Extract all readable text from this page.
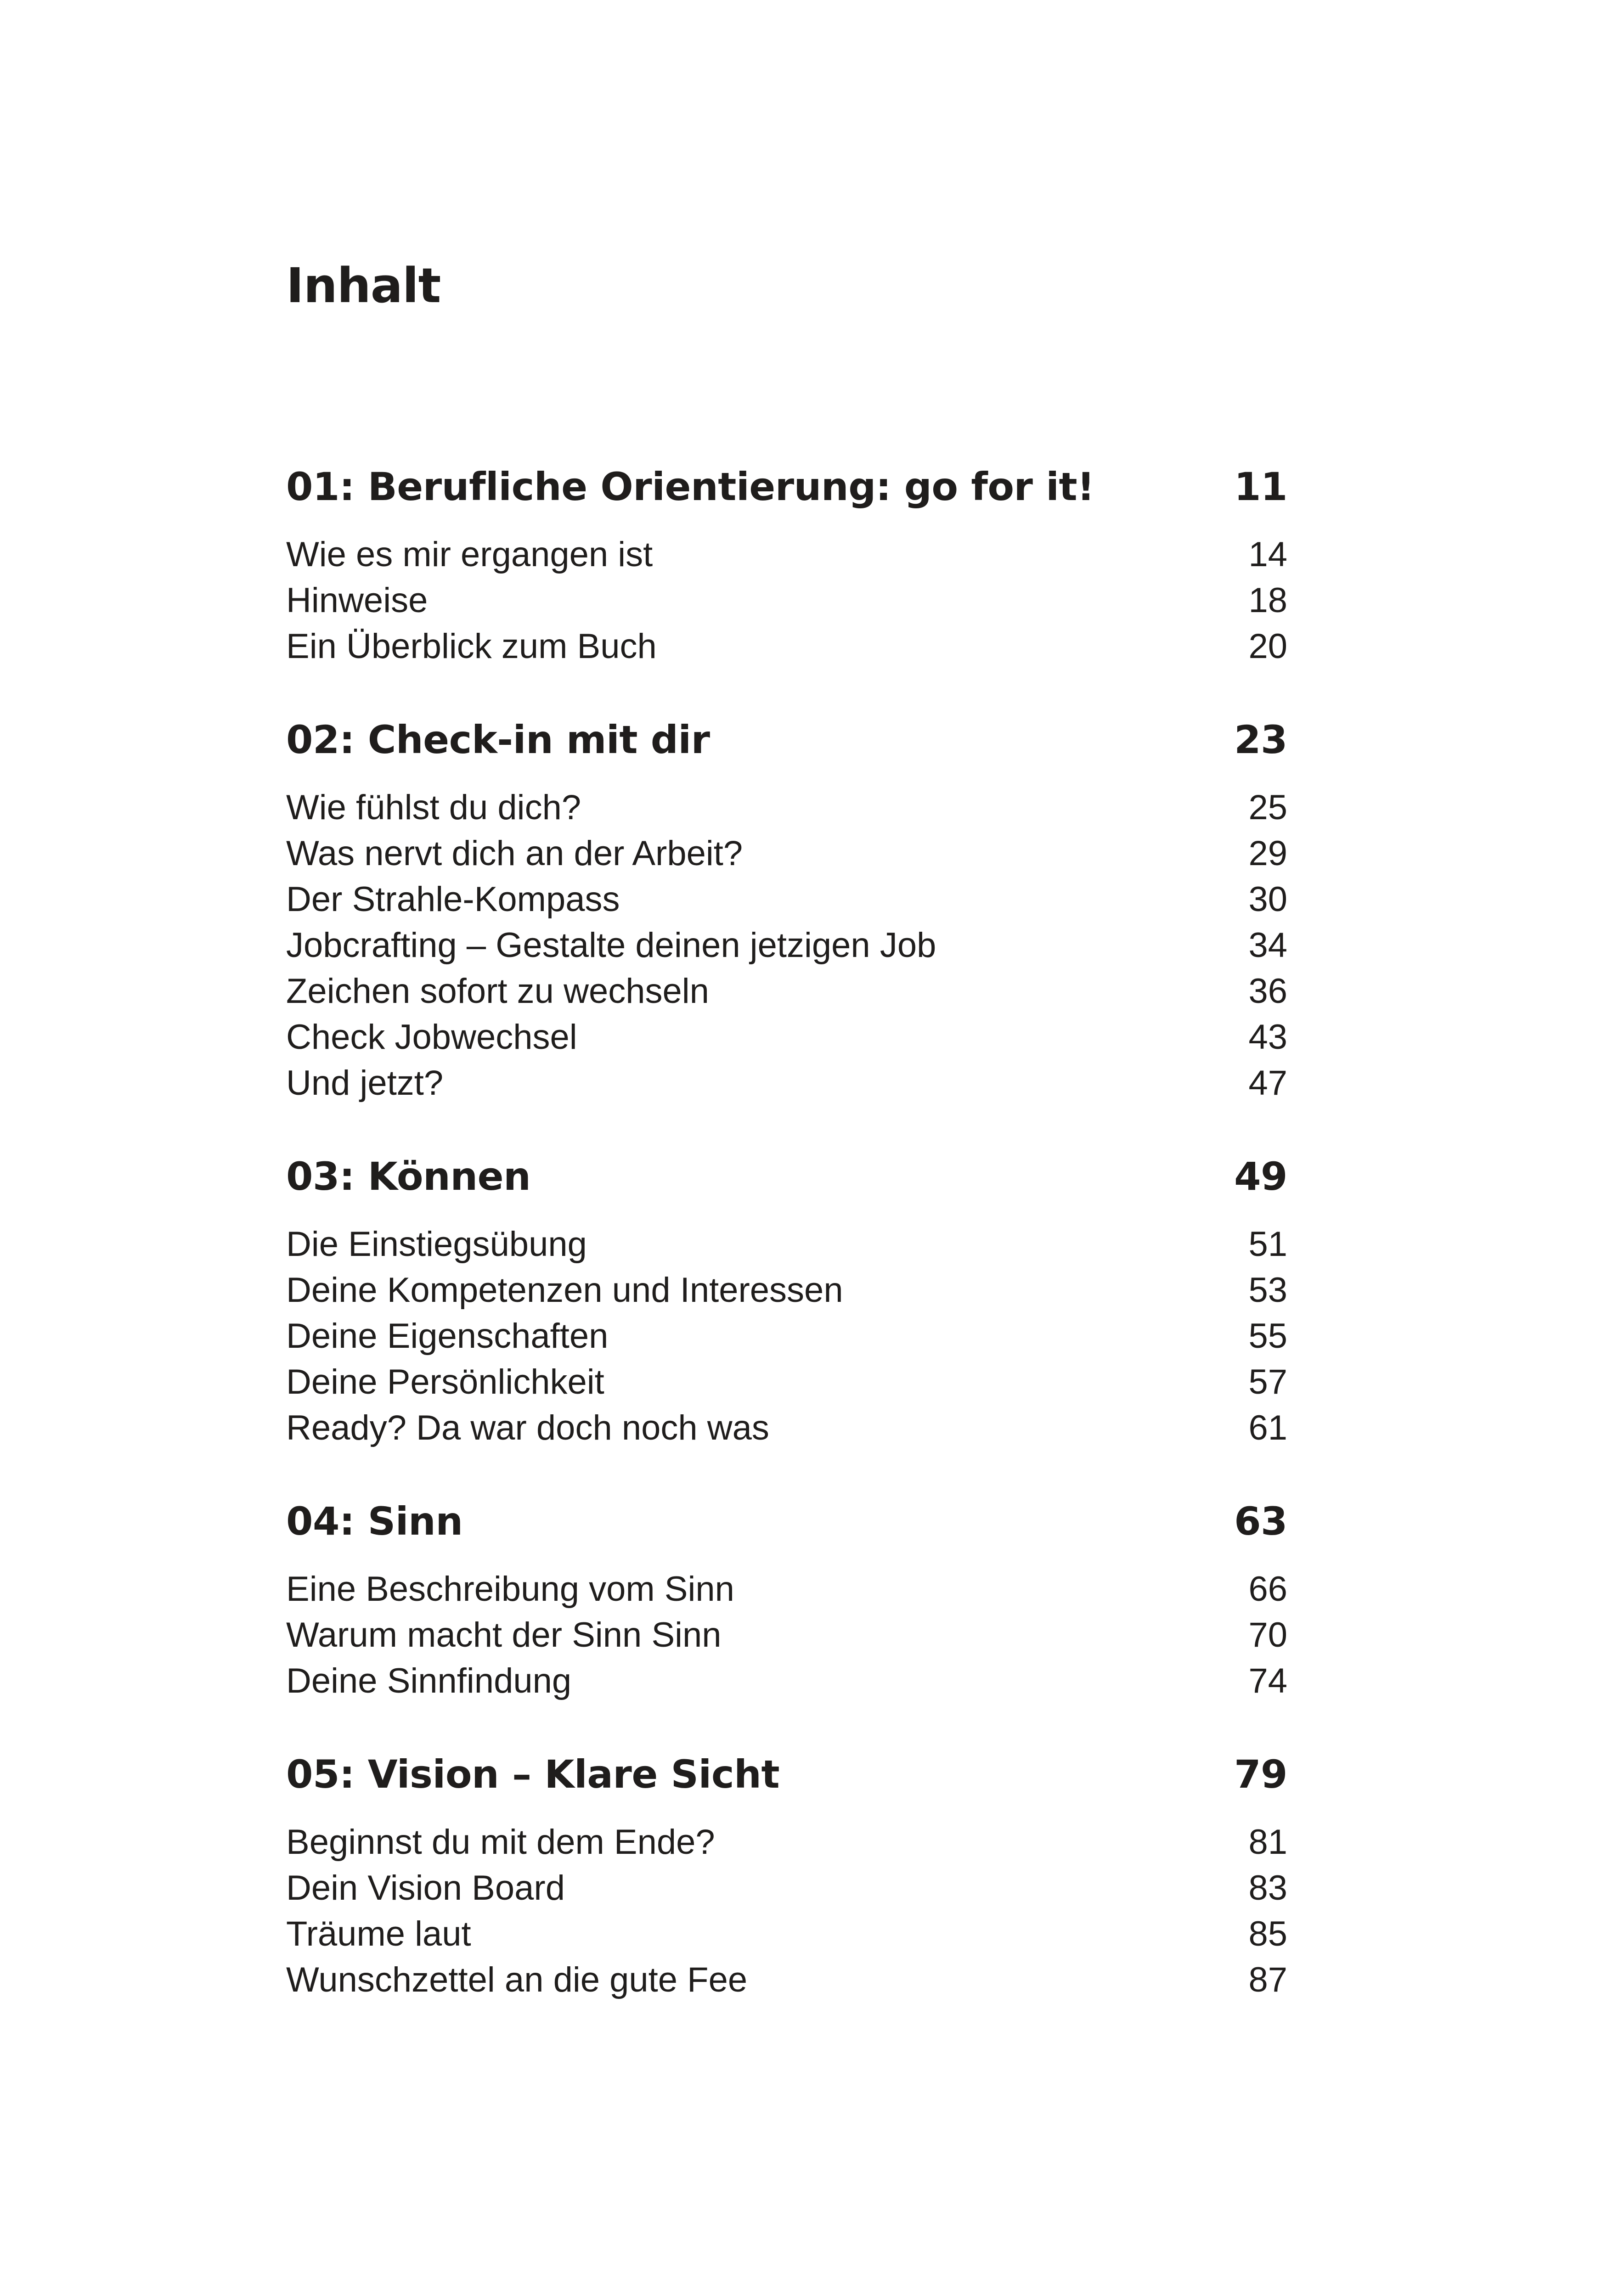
Inhalt
01: Berufliche Orientierung: go for it!	11
Wie es mir ergangen ist	14
Hinweise	18
Ein Überblick zum Buch	20
02: Check-in mit dir	23
Wie fühlst du dich?	25
Was nervt dich an der Arbeit?	29
Der Strahle-Kompass	30
Jobcrafting – Gestalte deinen jetzigen Job	34
Zeichen sofort zu wechseln	36
Check Jobwechsel	43
Und jetzt?	47
03: Können	49
Die Einstiegsübung	51
Deine Kompetenzen und Interessen	53
Deine Eigenschaften	55
Deine Persönlichkeit	57
Ready? Da war doch noch was	61
04: Sinn	63
Eine Beschreibung vom Sinn	66
Warum macht der Sinn Sinn	70
Deine Sinnfindung	74
05: Vision – Klare Sicht	79
Beginnst du mit dem Ende?	81
Dein Vision Board	83
Träume laut	85
Wunschzettel an die gute Fee	87
